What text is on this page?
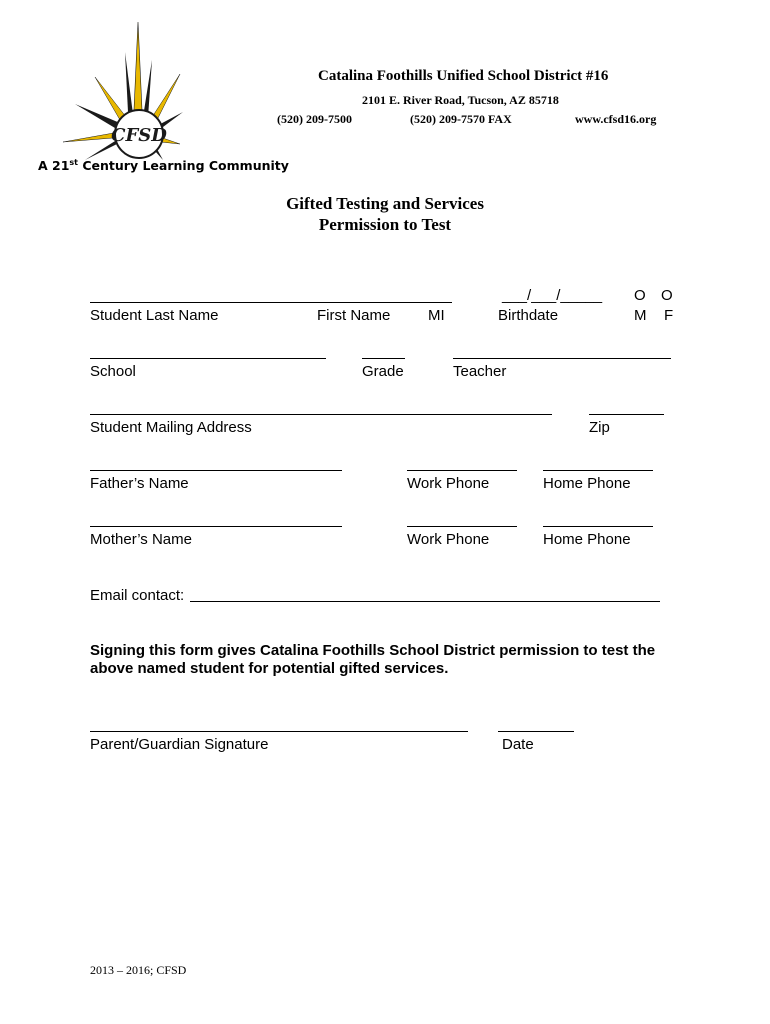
CFSD
A 21st Century Learning Community
Catalina Foothills Unified School District #16
2101 E. River Road, Tucson, AZ 85718
(520) 209-7500	(520) 209-7570 FAX	www.cfsd16.org
Gifted Testing and Services
Permission to Test
___/___/_____ O O
Student Last Name	First Name	MI	Birthdate	M F
School	Grade	Teacher
Student Mailing Address	Zip
Father’s Name	Work Phone	Home Phone
Mother’s Name	Work Phone	Home Phone
Email contact:
Signing this form gives Catalina Foothills School District permission to test the
above named student for potential gifted services.
Parent/Guardian Signature	Date
2013 – 2016; CFSD
